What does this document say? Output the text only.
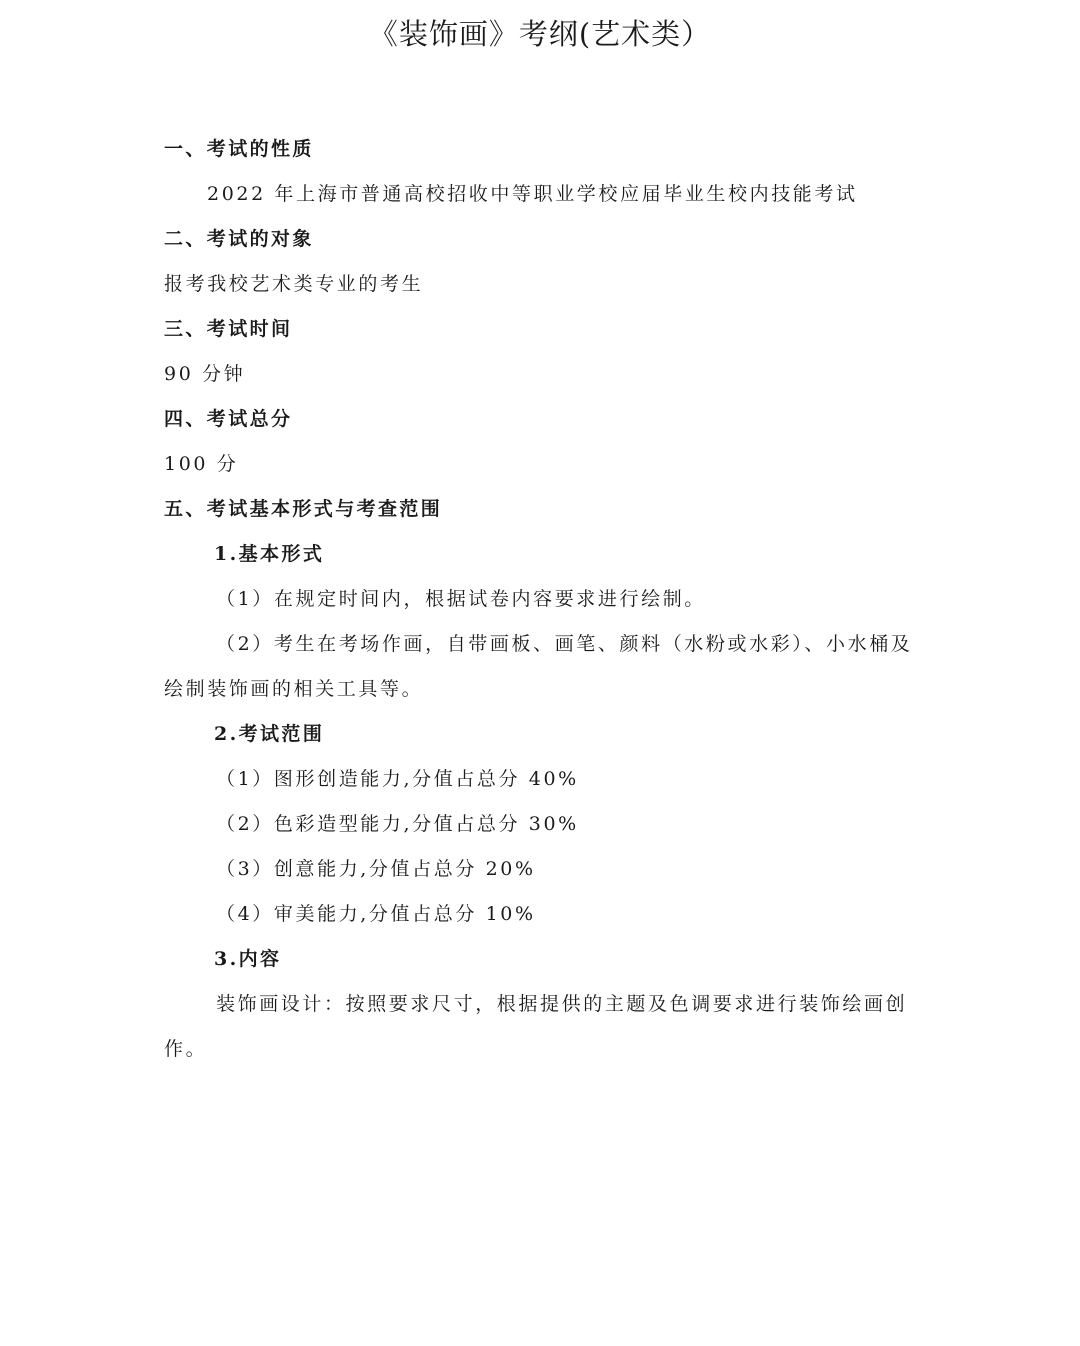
《装饰画》考纲(艺术类）

一、考试的性质

2022 年上海市普通高校招收中等职业学校应届毕业生校内技能考试

二、考试的对象

报考我校艺术类专业的考生

三、考试时间

90 分钟

四、考试总分

100 分

五、考试基本形式与考查范围

1.基本形式

（1）在规定时间内，根据试卷内容要求进行绘制。

（2）考生在考场作画，自带画板、画笔、颜料（水粉或水彩）、小水桶及

绘制装饰画的相关工具等。

2.考试范围

（1）图形创造能力,分值占总分 40%

（2）色彩造型能力,分值占总分 30%

（3）创意能力,分值占总分 20%

（4）审美能力,分值占总分 10%

3.内容

装饰画设计：按照要求尺寸，根据提供的主题及色调要求进行装饰绘画创

作。
